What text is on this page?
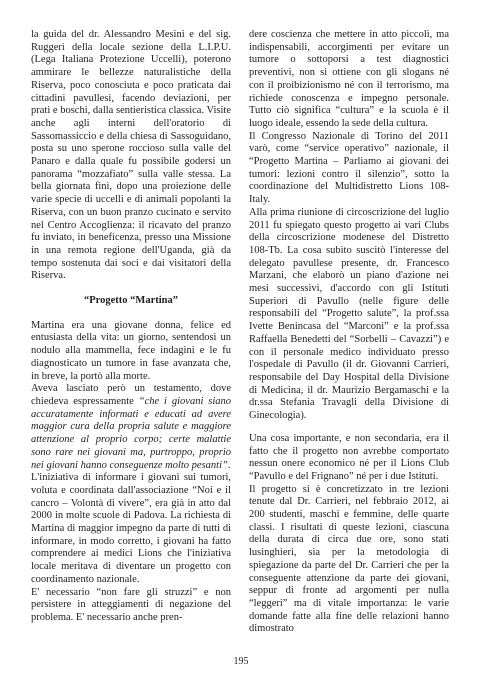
la guida del dr. Alessandro Mesini e del sig. Ruggeri della locale sezione della L.I.P.U. (Lega Italiana Protezione Uccelli), poterono ammirare le bellezze naturalistiche della Riserva, poco conosciuta e poco praticata dai cittadini pavullesi, facendo deviazioni, per prati e boschi, dalla sentieristica classica. Visite anche agli interni dell'oratorio di Sassomassiccio e della chiesa di Sassoguidano, posta su uno sperone roccioso sulla valle del Panaro e dalla quale fu possibile godersi un panorama “mozzafiato” sulla valle stessa. La bella giornata finì, dopo una proiezione delle varie specie di uccelli e di animali popolanti la Riserva, con un buon pranzo cucinato e servito nel Centro Accoglienza: il ricavato del pranzo fu inviato, in beneficenza, presso una Missione in una remota regione dell'Uganda, già da tempo sostenuta dai soci e dai visitatori della Riserva.

“Progetto “Martina”

Martina era una giovane donna, felice ed entusiasta della vita: un giorno, sentendosi un nodulo alla mammella, fece indagini e le fu diagnosticato un tumore in fase avanzata che, in breve, la portò alla morte.

Aveva lasciato però un testamento, dove chiedeva espressamente “che i giovani siano accuratamente informati e educati ad avere maggior cura della propria salute e maggiore attenzione al proprio corpo; certe malattie sono rare nei giovani ma, purtroppo, proprio nei giovani hanno conseguenze molto pesanti”.

L'iniziativa di informare i giovani sui tumori, voluta e coordinata dall'associazione “Noi e il cancro – Volontà di vivere”, era già in atto dal 2000 in molte scuole di Padova. La richiesta di Martina di maggior impegno da parte di tutti di informare, in modo corretto, i giovani ha fatto comprendere ai medici Lions che l'iniziativa locale meritava di diventare un progetto con coordinamento nazionale.

E' necessario “non fare gli struzzi” e non persistere in atteggiamenti di negazione del problema. E' necessario anche pren-

dere coscienza che mettere in atto piccoli, ma indispensabili, accorgimenti per evitare un tumore o sottoporsi a test diagnostici preventivi, non si ottiene con gli slogans né con il proibizionismo né con il terrorismo, ma richiede conoscenza e impegno personale. Tutto ciò significa “cultura” e la scuola è il luogo ideale, essendo la sede della cultura.

Il Congresso Nazionale di Torino del 2011 varò, come “service operativo” nazionale, il “Progetto Martina – Parliamo ai giovani dei tumori: lezioni contro il silenzio”, sotto la coordinazione del Multidistretto Lions 108-Italy.

Alla prima riunione di circoscrizione del luglio 2011 fu spiegato questo progetto ai vari Clubs della circoscrizione modenese del Distretto 108-Tb. La cosa subito suscitò l'interesse del delegato pavullese presente, dr. Francesco Marzani, che elaborò un piano d'azione nei mesi successivi, d'accordo con gli Istituti Superiori di Pavullo (nelle figure delle responsabili del “Progetto salute”, la prof.ssa Ivette Benincasa del “Marconi” e la prof.ssa Raffaella Benedetti del “Sorbelli – Cavazzi”) e con il personale medico individuato presso l'ospedale di Pavullo (il dr. Giovanni Carrieri, responsabile del Day Hospital della Divisione di Medicina, il dr. Maurizio Bergamaschi e la dr.ssa Stefania Travagli della Divisione di Ginecologia).

Una cosa importante, e non secondaria, era il fatto che il progetto non avrebbe comportato nessun onere economico né per il Lions Club “Pavullo e del Frignano” né per i due Istituti.

Il progetto si è concretizzato in tre lezioni tenute dal Dr. Carrieri, nel febbraio 2012, ai 200 studenti, maschi e femmine, delle quarte classi. I risultati di queste lezioni, ciascuna della durata di circa due ore, sono stati lusinghieri, sia per la metodologia di spiegazione da parte del Dr. Carrieri che per la conseguente attenzione da parte dei giovani, seppur di fronte ad argomenti per nulla “leggeri” ma di vitale importanza: le varie domande fatte alla fine delle relazioni hanno dimostrato

195
